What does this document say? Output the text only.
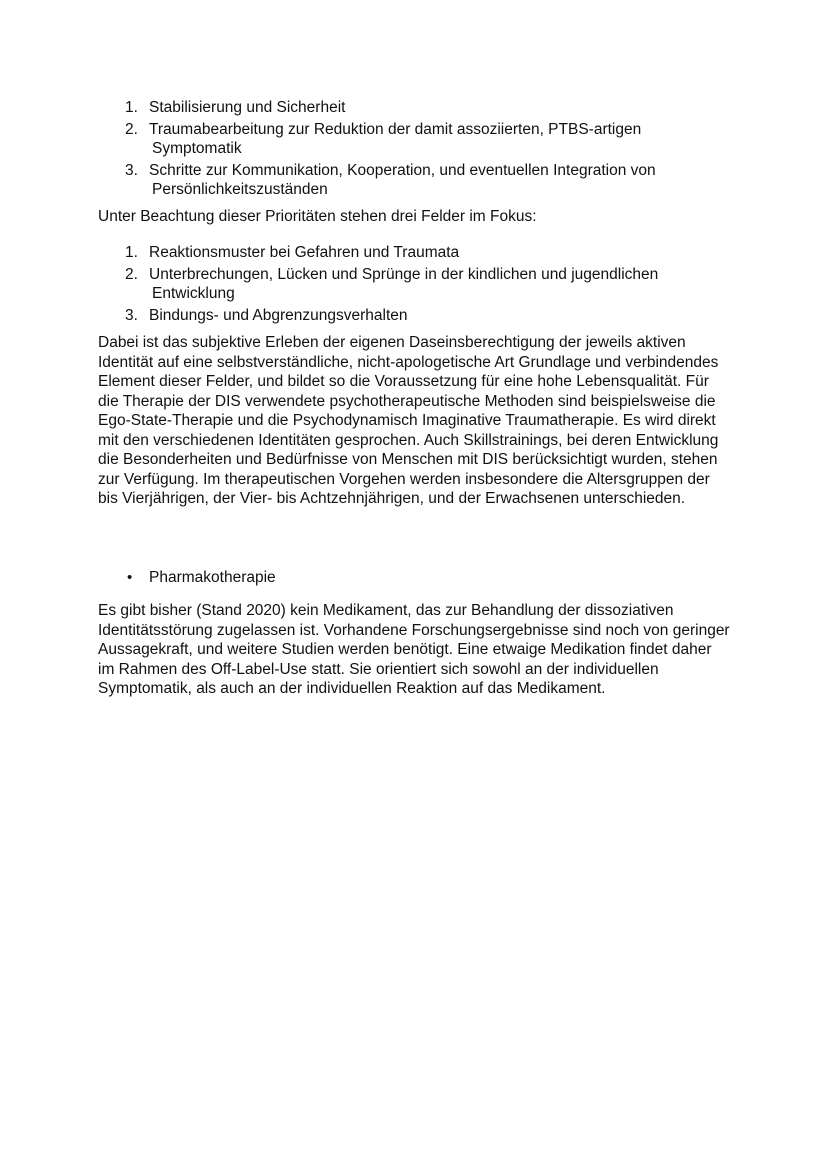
1. Stabilisierung und Sicherheit
2. Traumabearbeitung zur Reduktion der damit assoziierten, PTBS-artigen
Symptomatik
3. Schritte zur Kommunikation, Kooperation, und eventuellen Integration von
Persönlichkeitszuständen

Unter Beachtung dieser Prioritäten stehen drei Felder im Fokus:

1. Reaktionsmuster bei Gefahren und Traumata
2. Unterbrechungen, Lücken und Sprünge in der kindlichen und jugendlichen
Entwicklung
3. Bindungs- und Abgrenzungsverhalten

Dabei ist das subjektive Erleben der eigenen Daseinsberechtigung der jeweils aktiven Identität auf eine selbstverständliche, nicht-apologetische Art Grundlage und verbindendes Element dieser Felder, und bildet so die Voraussetzung für eine hohe Lebensqualität. Für die Therapie der DIS verwendete psychotherapeutische Methoden sind beispielsweise die Ego-State-Therapie und die Psychodynamisch Imaginative Traumatherapie. Es wird direkt mit den verschiedenen Identitäten gesprochen. Auch Skillstrainings, bei deren Entwicklung die Besonderheiten und Bedürfnisse von Menschen mit DIS berücksichtigt wurden, stehen zur Verfügung. Im therapeutischen Vorgehen werden insbesondere die Altersgruppen der bis Vierjährigen, der Vier- bis Achtzehnjährigen, und der Erwachsenen unterschieden.

• Pharmakotherapie

Es gibt bisher (Stand 2020) kein Medikament, das zur Behandlung der dissoziativen Identitätsstörung zugelassen ist. Vorhandene Forschungsergebnisse sind noch von geringer Aussagekraft, und weitere Studien werden benötigt. Eine etwaige Medikation findet daher im Rahmen des Off-Label-Use statt. Sie orientiert sich sowohl an der individuellen Symptomatik, als auch an der individuellen Reaktion auf das Medikament.
